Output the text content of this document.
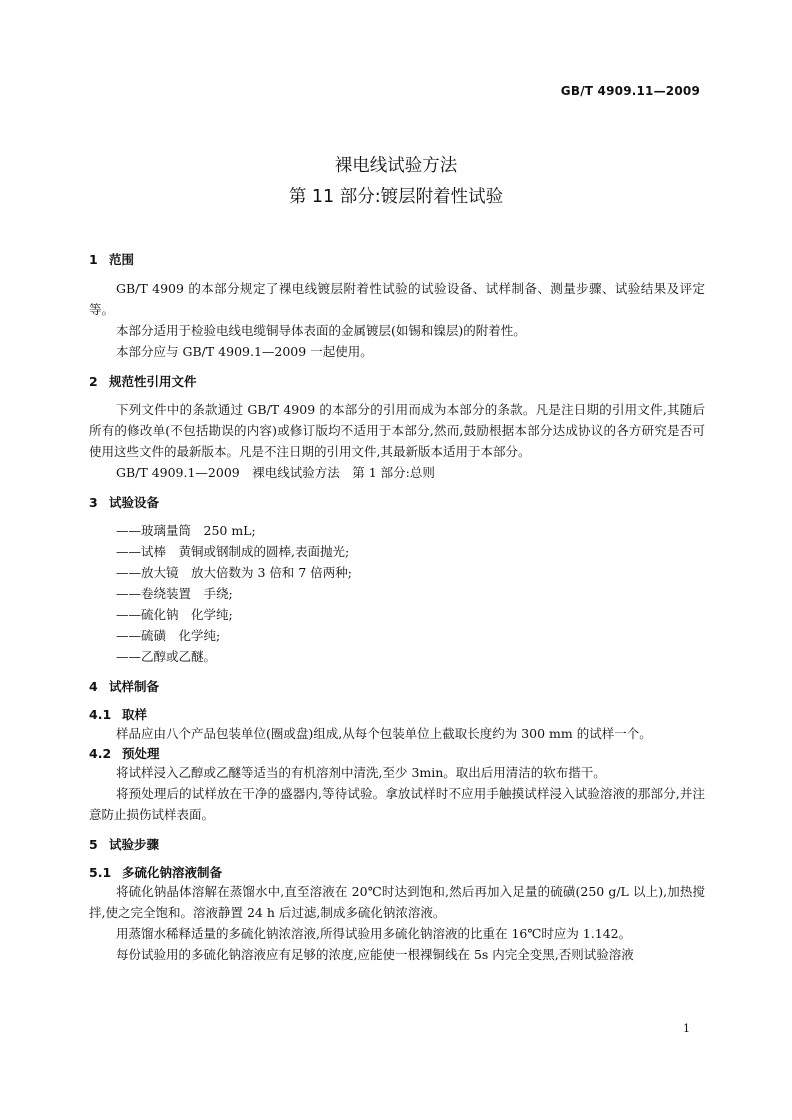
GB/T 4909.11—2009
裸电线试验方法
第 11 部分:镀层附着性试验
1 范围

GB/T 4909 的本部分规定了裸电线镀层附着性试验的试验设备、试样制备、测量步骤、试验结果及评定等。

本部分适用于检验电线电缆铜导体表面的金属镀层(如锡和镍层)的附着性。

本部分应与 GB/T 4909.1—2009 一起使用。

2 规范性引用文件

下列文件中的条款通过 GB/T 4909 的本部分的引用而成为本部分的条款。凡是注日期的引用文件,其随后所有的修改单(不包括勘误的内容)或修订版均不适用于本部分,然而,鼓励根据本部分达成协议的各方研究是否可使用这些文件的最新版本。凡是不注日期的引用文件,其最新版本适用于本部分。

GB/T 4909.1—2009　裸电线试验方法　第 1 部分:总则

3 试验设备

——玻璃量筒　250 mL;

——试棒　黄铜或钢制成的圆棒,表面抛光;

——放大镜　放大倍数为 3 倍和 7 倍两种;

——卷绕装置　手绕;

——硫化钠　化学纯;

——硫磺　化学纯;

——乙醇或乙醚。

4 试样制备
4.1 取样

样品应由八个产品包装单位(圈或盘)组成,从每个包装单位上截取长度约为 300 mm 的试样一个。

4.2 预处理

将试样浸入乙醇或乙醚等适当的有机溶剂中清洗,至少 3min。取出后用清洁的软布揩干。

将预处理后的试样放在干净的盛器内,等待试验。拿放试样时不应用手触摸试样浸入试验溶液的那部分,并注意防止损伤试样表面。

5 试验步骤
5.1 多硫化钠溶液制备

将硫化钠晶体溶解在蒸馏水中,直至溶液在 20℃时达到饱和,然后再加入足量的硫磺(250 g/L 以上),加热搅拌,使之完全饱和。溶液静置 24 h 后过滤,制成多硫化钠浓溶液。

用蒸馏水稀释适量的多硫化钠浓溶液,所得试验用多硫化钠溶液的比重在 16℃时应为 1.142。

每份试验用的多硫化钠溶液应有足够的浓度,应能使一根裸铜线在 5s 内完全变黑,否则试验溶液

1
